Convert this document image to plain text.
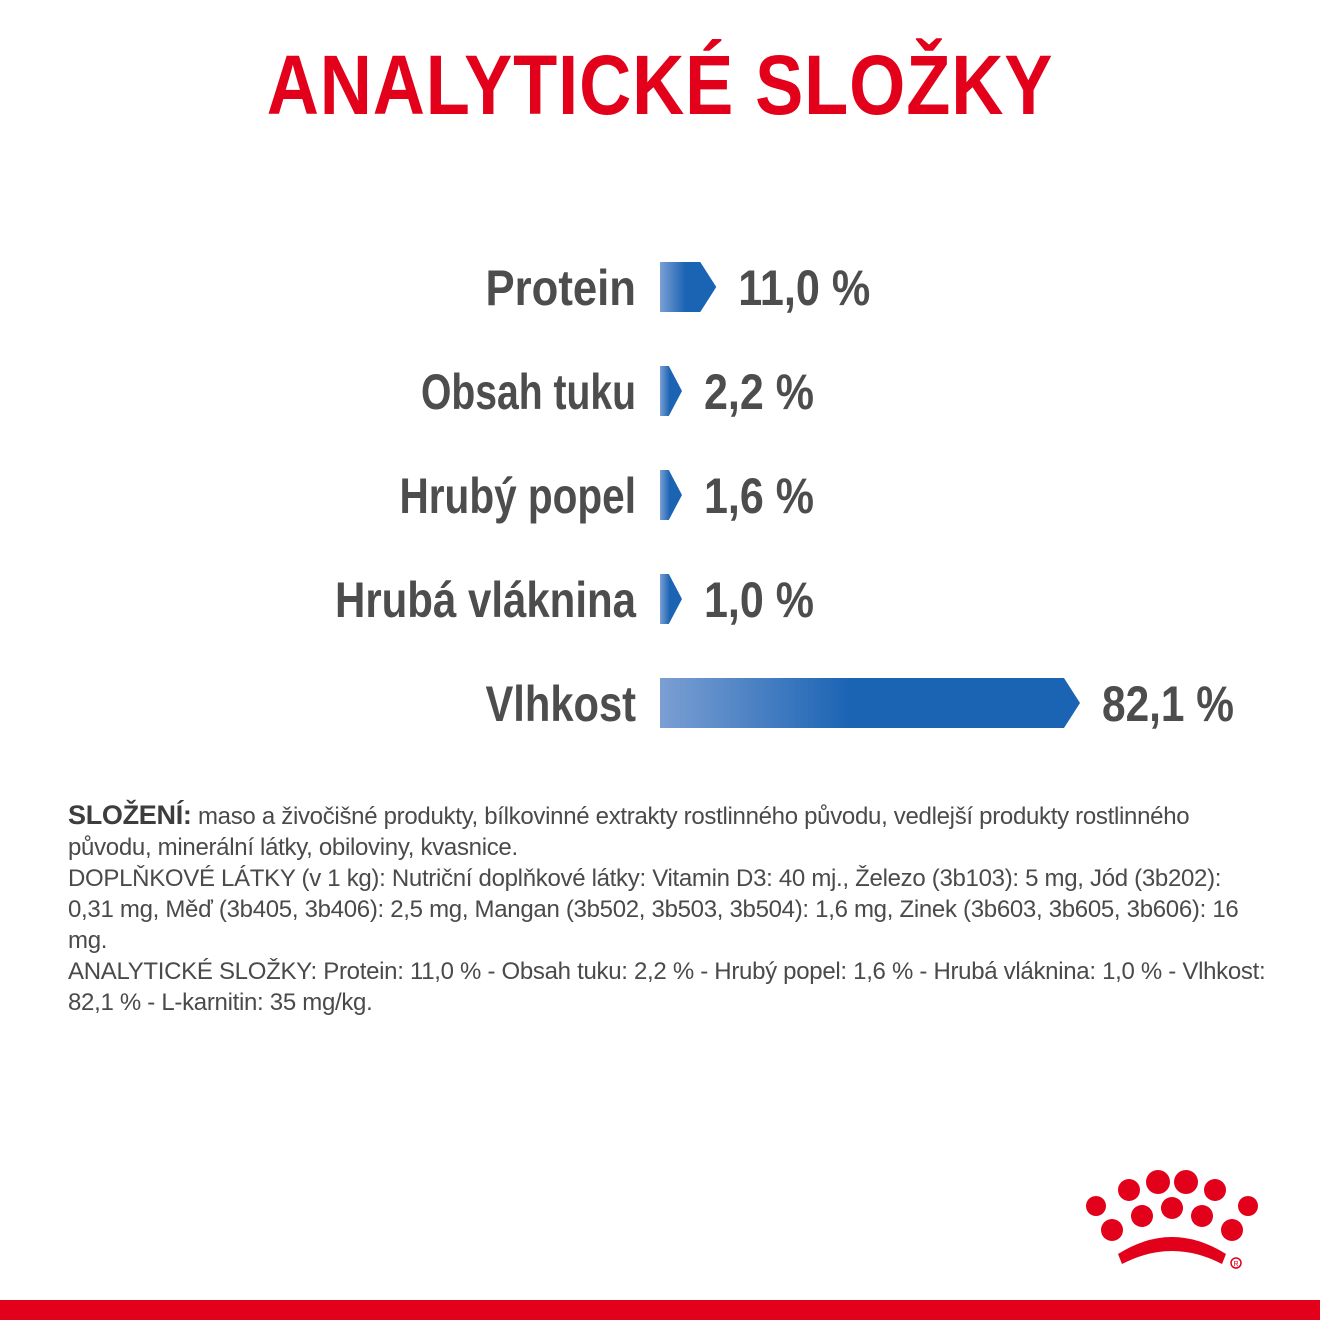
ANALYTICKÉ SLOŽKY
Protein 11,0 %
Obsah tuku 2,2 %
Hrubý popel 1,6 %
Hrubá vláknina 1,0 %
Vlhkost	82,1 %

SLOŽENÍ: maso a živočišné produkty, bílkovinné extrakty rostlinného původu, vedlejší produkty rostlinného původu, minerální látky, obiloviny, kvasnice.

DOPLŇKOVÉ LÁTKY (v 1 kg): Nutriční doplňkové látky: Vitamin D3: 40 mj., Železo (3b103): 5 mg, Jód (3b202): 0,31 mg, Měď (3b405, 3b406): 2,5 mg, Mangan (3b502, 3b503, 3b504): 1,6 mg, Zinek (3b603, 3b605, 3b606): 16 mg.

ANALYTICKÉ SLOŽKY: Protein: 11,0 % - Obsah tuku: 2,2 % - Hrubý popel: 1,6 % - Hrubá vláknina: 1,0 % - Vlhkost: 82,1 % - L-karnitin: 35 mg/kg.

R
